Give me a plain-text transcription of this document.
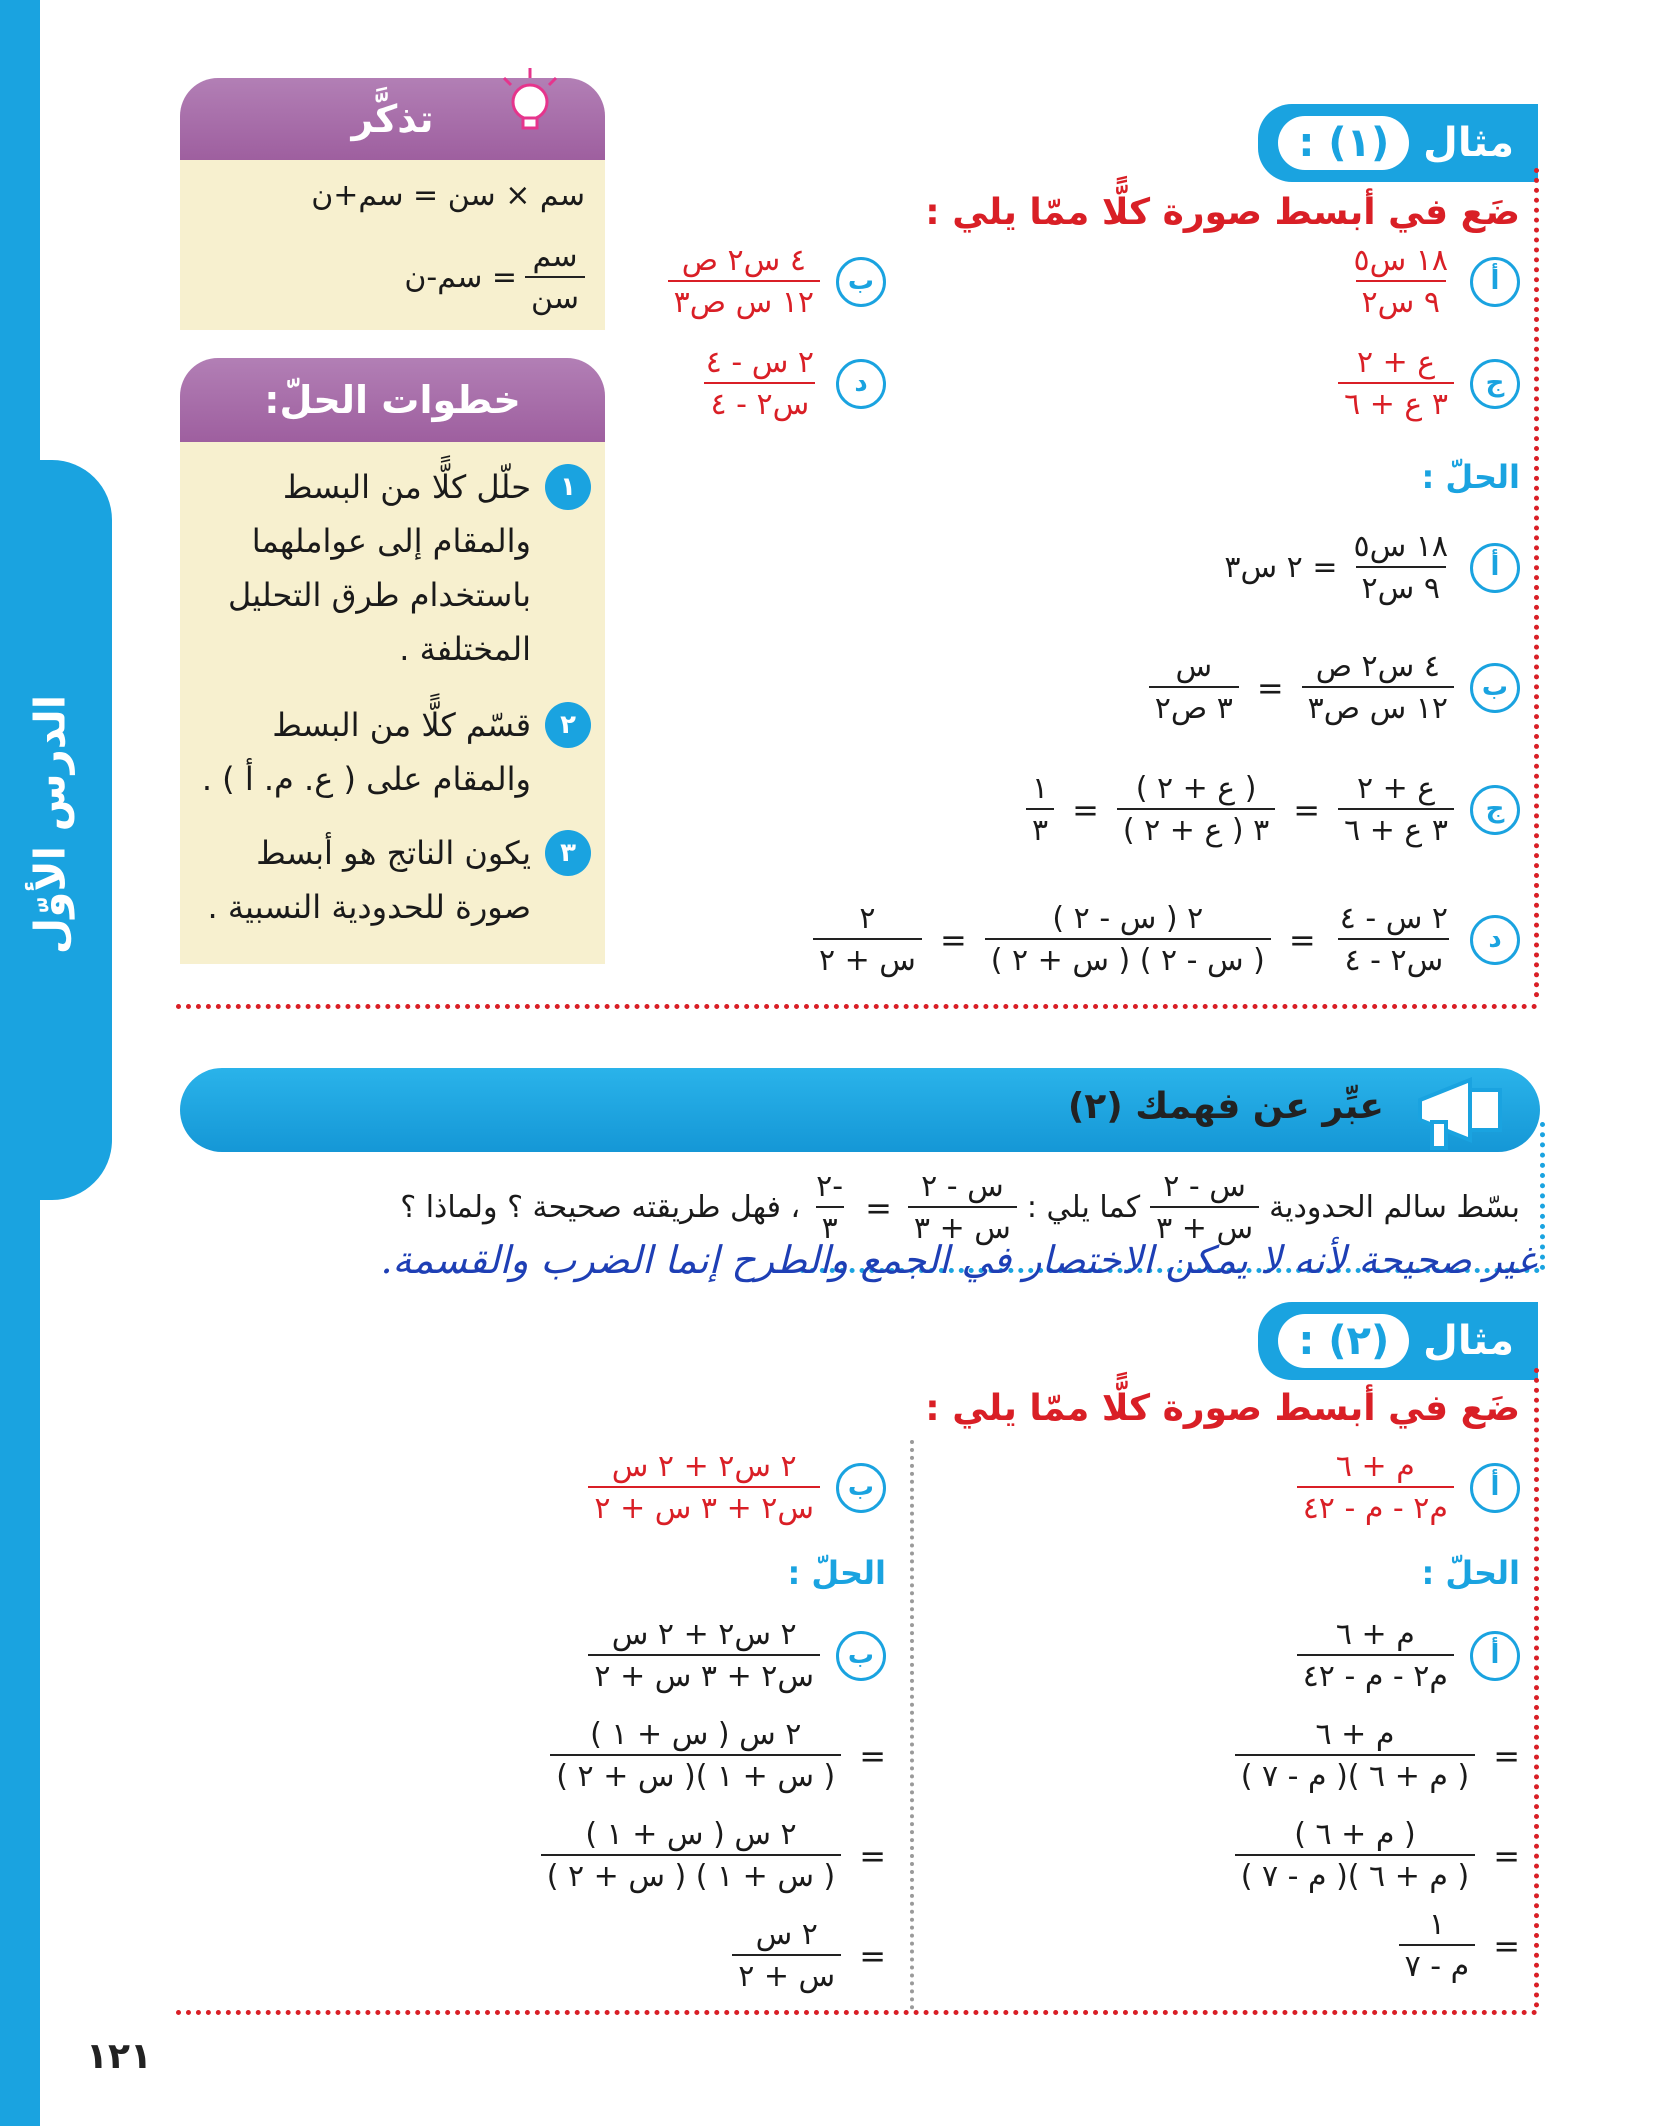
الدرس الأوّل
تذكَّر
سم × سن = سم+ن
$\frac{\text{سم}}{\text{سن}}$
= سم-ن
خطوات الحلّ:
١
حلّل كلًّا من البسط والمقام إلى عواملهما باستخدام طرق التحليل المختلفة .
٢
قسّم كلًّا من البسط والمقام على ( ع. م. أ ) .
٣
يكون الناتج هو أبسط صورة للحدودية النسبية .
مثال (١) :
ضَع في أبسط صورة كلًّا ممّا يلي :
أ
$\frac{\text{١٨ س٥}}{\text{٩ س٢}}$
ب
$\frac{\text{٤ س٢ ص}}{\text{١٢ س ص٣}}$
ج
$\frac{\text{ع + ٢}}{\text{٣ ع + ٦}}$
د
$\frac{\text{٢ س - ٤}}{\text{س٢ - ٤}}$
الحلّ :
أ
$\frac{\text{١٨ س٥}}{\text{٩ س٢}}$
= ٢ س٣
ب
$\frac{\text{٤ س٢ ص}}{\text{١٢ س ص٣}}$
=
$\frac{\text{س}}{\text{٣ ص٢}}$
ج
$\frac{\text{ع + ٢}}{\text{٣ ع + ٦}}$
=
$\frac{\text{( ع + ٢ )}}{\text{٣ ( ع + ٢ )}}$
=
$\frac{١}{٣}$
د
$\frac{\text{٢ س - ٤}}{\text{س٢ - ٤}}$
=
$\frac{\text{٢ ( س - ٢ )}}{\text{( س - ٢ ) ( س + ٢ )}}$
=
$\frac{٢}{\text{س + ٢}}$
عبِّر عن فهمك (٢)
بسّط سالم الحدودية
$\frac{\text{س - ٢}}{\text{س + ٣}}$
كما يلي :
$\frac{\text{س - ٢}}{\text{س + ٣}}$
=
$\frac{-٢}{٣}$
، فهل طريقته صحيحة ؟ ولماذا ؟
غير صحيحة لأنه لا يمكن الاختصار في الجمع والطرح إنما الضرب والقسمة.
مثال (٢) :
ضَع في أبسط صورة كلًّا ممّا يلي :
أ
$\frac{\text{م + ٦}}{\text{م٢ - م - ٤٢}}$
ب
$\frac{\text{٢ س٢ + ٢ س}}{\text{س٢ + ٣ س + ٢}}$
الحلّ :
الحلّ :
أ
$\frac{\text{م + ٦}}{\text{م٢ - م - ٤٢}}$
=
$\frac{\text{م + ٦}}{\text{( م + ٦ )( م - ٧ )}}$
=
$\frac{\text{( م + ٦ )}}{\text{( م + ٦ )( م - ٧ )}}$
=
$\frac{١}{\text{م - ٧}}$
ب
$\frac{\text{٢ س٢ + ٢ س}}{\text{س٢ + ٣ س + ٢}}$
=
$\frac{\text{٢ س ( س + ١ )}}{\text{( س + ١ )( س + ٢ )}}$
=
$\frac{\text{٢ س ( س + ١ )}}{\text{( س + ١ ) ( س + ٢ )}}$
=
$\frac{\text{٢ س}}{\text{س + ٢}}$
١٢١
